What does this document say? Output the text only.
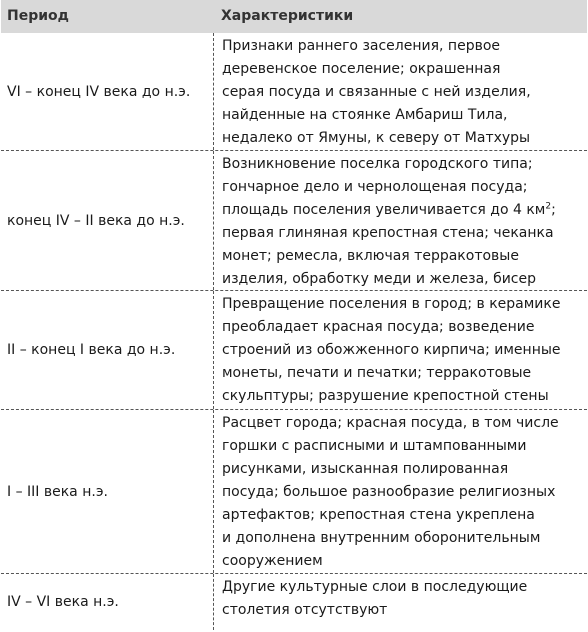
Период	Характеристики
VI – конец IV века до н.э.
Признаки раннего заселения, первое
деревенское поселение; окрашенная
серая посуда и связанные с ней изделия,
найденные на стоянке Амбариш Тила,
недалеко от Ямуны, к северу от Матхуры
конец IV – II века до н.э.
Возникновение поселка городского типа;
гончарное дело и чернолощеная посуда;
площадь поселения увеличивается до 4 $км^2$;
первая глиняная крепостная стена; чеканка
монет; ремесла, включая терракотовые
изделия, обработку меди и железа, бисер
II – конец I века до н.э.
Превращение поселения в город; в керамике
преобладает красная посуда; возведение
строений из обожженного кирпича; именные
монеты, печати и печатки; терракотовые
скульптуры; разрушение крепостной стены
I – III века н.э.
Расцвет города; красная посуда, в том числе
горшки с расписными и штампованными
рисунками, изысканная полированная
посуда; большое разнообразие религиозных
артефактов; крепостная стена укреплена
и дополнена внутренним оборонительным
сооружением
IV – VI века н.э.
Другие культурные слои в последующие
столетия отсутствуют
